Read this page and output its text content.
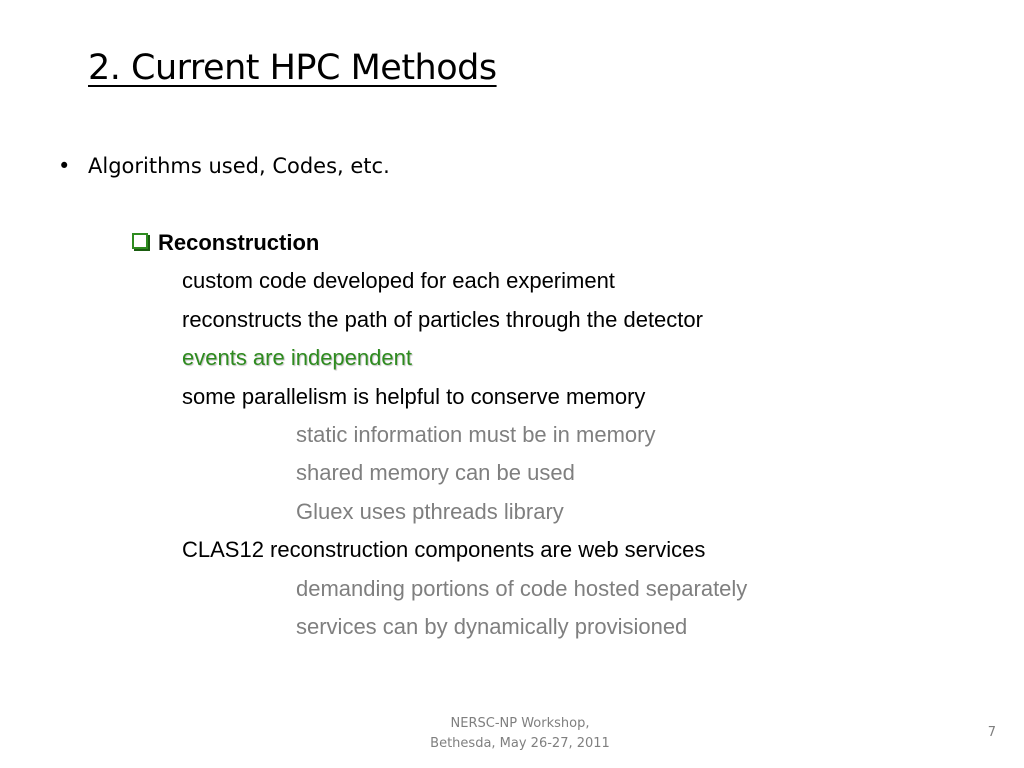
2. Current HPC Methods
• Algorithms used, Codes, etc.
Reconstruction
custom code developed for each experiment
reconstructs the path of particles through the detector
events are independent
some parallelism is helpful to conserve memory
static information must be in memory
shared memory can be used
Gluex uses pthreads library
CLAS12 reconstruction components are web services
demanding portions of code hosted separately
services can by dynamically provisioned
NERSC-NP Workshop,
Bethesda, May 26-27, 2011
7
